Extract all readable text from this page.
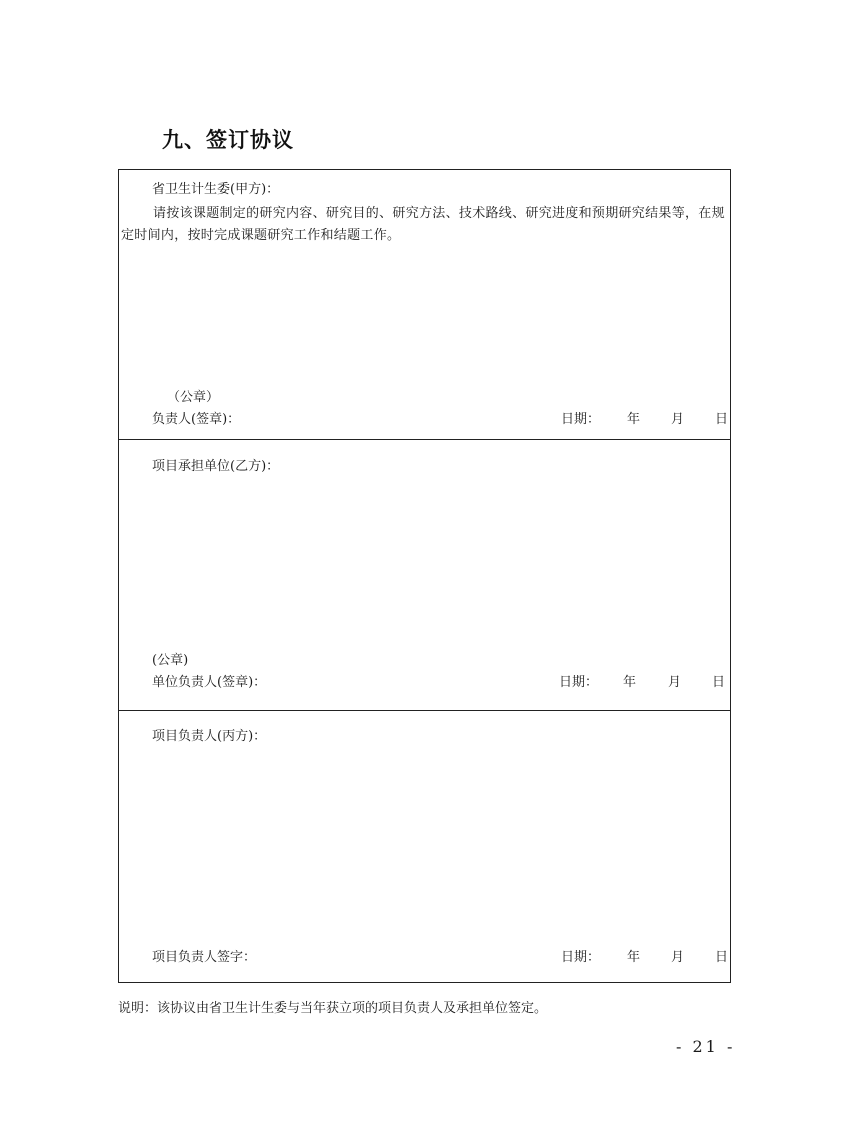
九、签订协议
省卫生计生委(甲方)：
请按该课题制定的研究内容、研究目的、研究方法、技术路线、研究进度和预期研究结果等，在规定时间内，按时完成课题研究工作和结题工作。
（公章）
负责人(签章)：	日期： 年 月 日
项目承担单位(乙方)：
(公章)
单位负责人(签章)：	日期： 年 月 日
项目负责人(丙方)：
项目负责人签字：	日期： 年 月 日
说明：该协议由省卫生计生委与当年获立项的项目负责人及承担单位签定。
- 21 -
